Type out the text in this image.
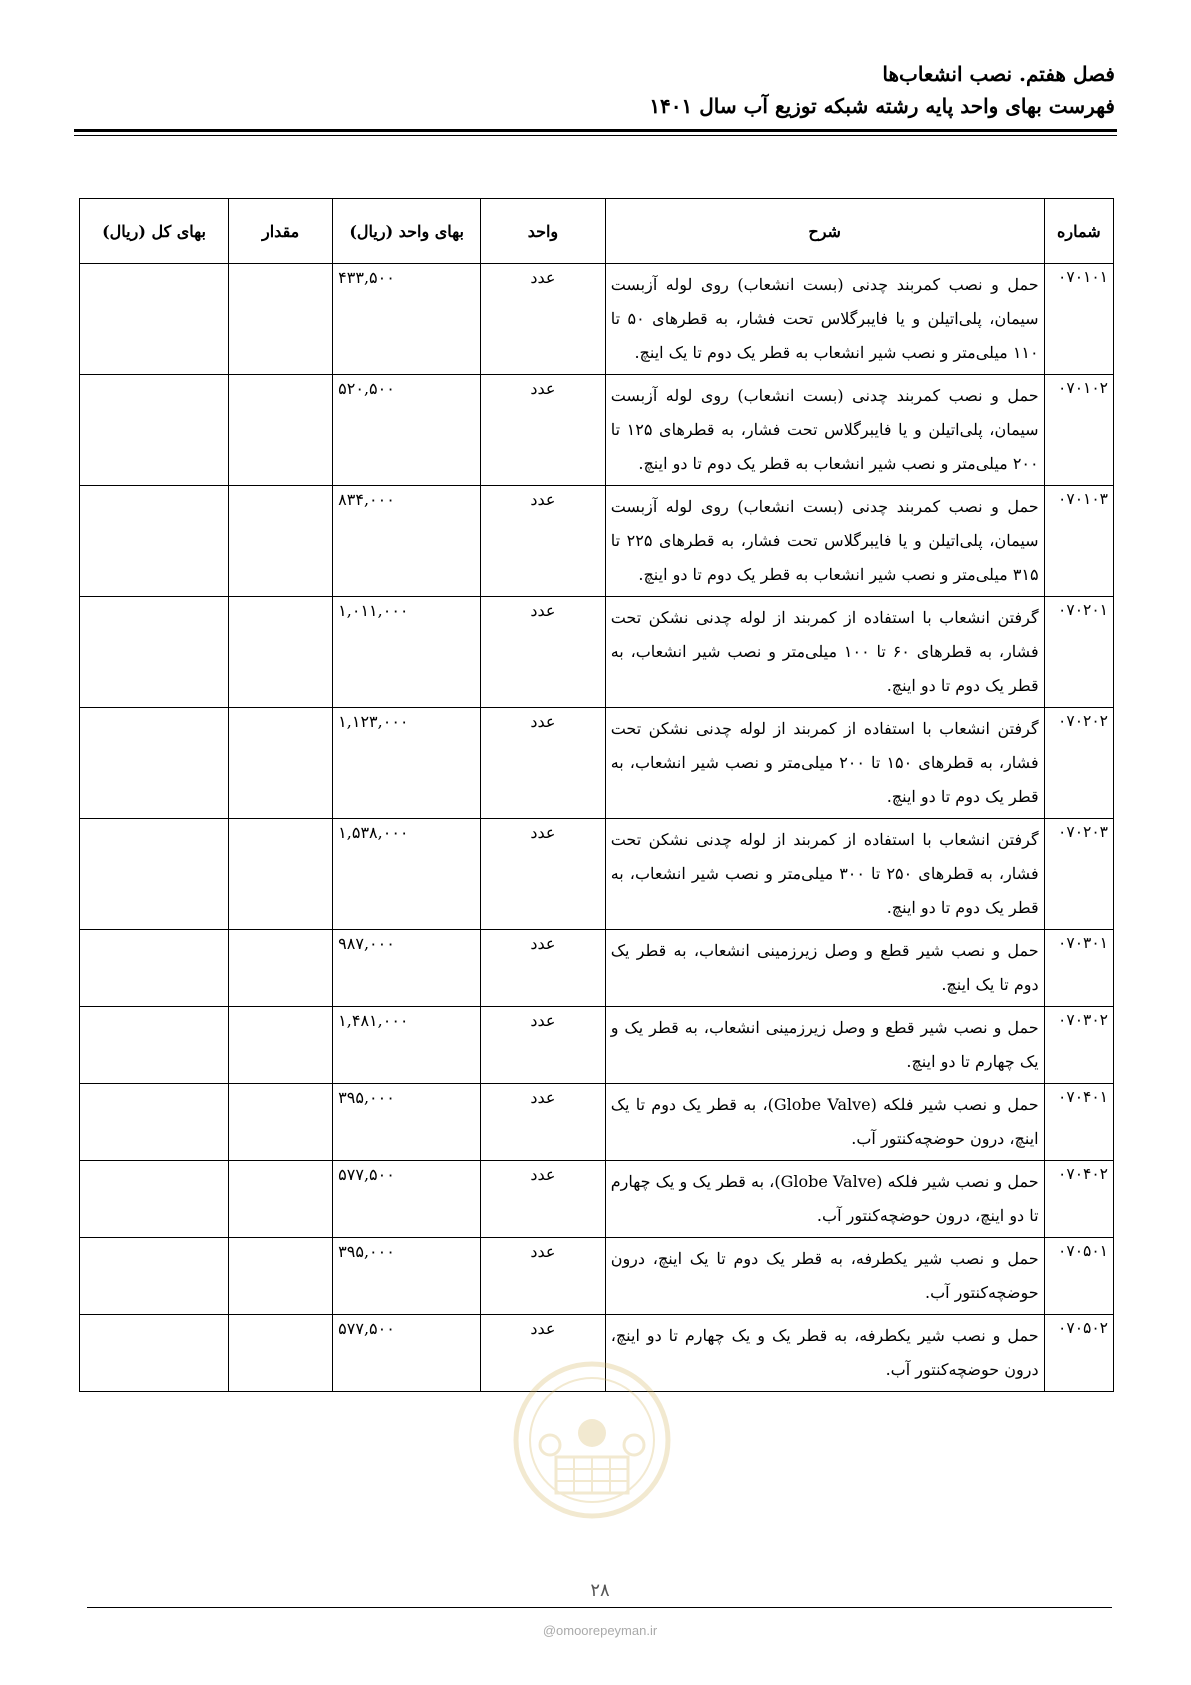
فصل هفتم. نصب انشعاب‌ها
فهرست بهای واحد پایه رشته شبکه توزیع آب سال ۱۴۰۱
شماره	شرح	واحد	بهای واحد (ریال)	مقدار	بهای کل (ریال)
۰۷۰۱۰۱	حمل و نصب کمربند چدنی (بست انشعاب) روی لوله آزبست سیمان، پلی‌اتیلن و یا فایبرگلاس تحت فشار، به قطرهای ۵۰ تا ۱۱۰ میلی‌متر و نصب شیر انشعاب به قطر یک دوم تا یک اینچ.	عدد	۴۳۳,۵۰۰		
۰۷۰۱۰۲	حمل و نصب کمربند چدنی (بست انشعاب) روی لوله آزبست سیمان، پلی‌اتیلن و یا فایبرگلاس تحت فشار، به قطرهای ۱۲۵ تا ۲۰۰ میلی‌متر و نصب شیر انشعاب به قطر یک دوم تا دو اینچ.	عدد	۵۲۰,۵۰۰		
۰۷۰۱۰۳	حمل و نصب کمربند چدنی (بست انشعاب) روی لوله آزبست سیمان، پلی‌اتیلن و یا فایبرگلاس تحت فشار، به قطرهای ۲۲۵ تا ۳۱۵ میلی‌متر و نصب شیر انشعاب به قطر یک دوم تا دو اینچ.	عدد	۸۳۴,۰۰۰		
۰۷۰۲۰۱	گرفتن انشعاب با استفاده از کمربند از لوله چدنی نشکن تحت فشار، به قطرهای ۶۰ تا ۱۰۰ میلی‌متر و نصب شیر انشعاب، به قطر یک دوم تا دو اینچ.	عدد	۱,۰۱۱,۰۰۰		
۰۷۰۲۰۲	گرفتن انشعاب با استفاده از کمربند از لوله چدنی نشکن تحت فشار، به قطرهای ۱۵۰ تا ۲۰۰ میلی‌متر و نصب شیر انشعاب، به قطر یک دوم تا دو اینچ.	عدد	۱,۱۲۳,۰۰۰		
۰۷۰۲۰۳	گرفتن انشعاب با استفاده از کمربند از لوله چدنی نشکن تحت فشار، به قطرهای ۲۵۰ تا ۳۰۰ میلی‌متر و نصب شیر انشعاب، به قطر یک دوم تا دو اینچ.	عدد	۱,۵۳۸,۰۰۰		
۰۷۰۳۰۱	حمل و نصب شیر قطع و وصل زیرزمینی انشعاب، به قطر یک دوم تا یک اینچ.	عدد	۹۸۷,۰۰۰		
۰۷۰۳۰۲	حمل و نصب شیر قطع و وصل زیرزمینی انشعاب، به قطر یک و یک چهارم تا دو اینچ.	عدد	۱,۴۸۱,۰۰۰		
۰۷۰۴۰۱	حمل و نصب شیر فلکه (Globe Valve)، به قطر یک دوم تا یک اینچ، درون حوضچه‌کنتور آب.	عدد	۳۹۵,۰۰۰		
۰۷۰۴۰۲	حمل و نصب شیر فلکه (Globe Valve)، به قطر یک و یک چهارم تا دو اینچ، درون حوضچه‌کنتور آب.	عدد	۵۷۷,۵۰۰		
۰۷۰۵۰۱	حمل و نصب شیر یکطرفه، به قطر یک دوم تا یک اینچ، درون حوضچه‌کنتور آب.	عدد	۳۹۵,۰۰۰		
۰۷۰۵۰۲	حمل و نصب شیر یکطرفه، به قطر یک و یک چهارم تا دو اینچ، درون حوضچه‌کنتور آب.	عدد	۵۷۷,۵۰۰		
۲۸
@omoorepeyman.ir
